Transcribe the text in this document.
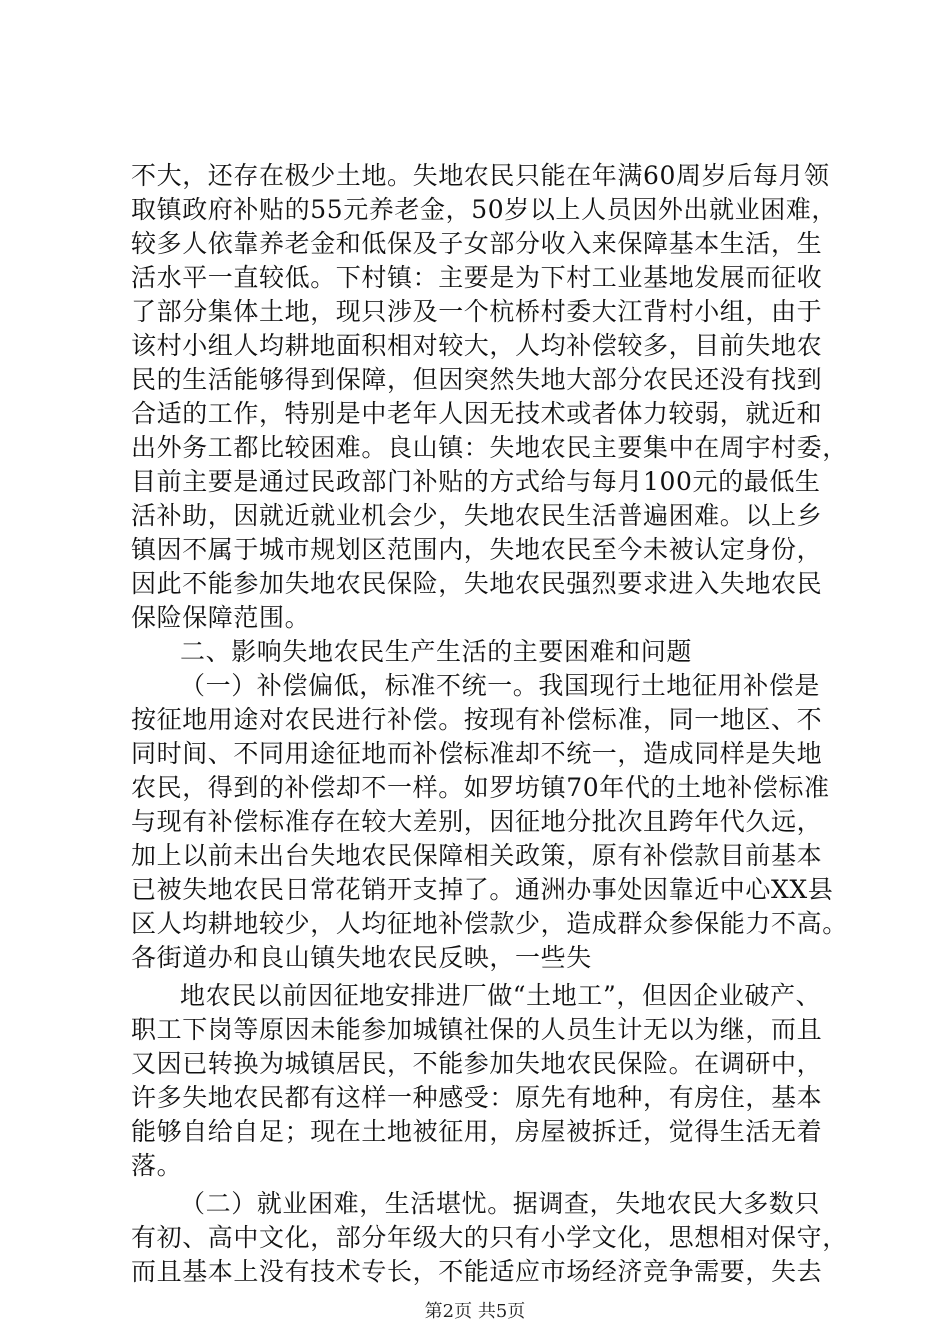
不大，还存在极少土地。失地农民只能在年满60周岁后每月领
取镇政府补贴的55元养老金，50岁以上人员因外出就业困难，
较多人依靠养老金和低保及子女部分收入来保障基本生活，生
活水平一直较低。下村镇：主要是为下村工业基地发展而征收
了部分集体土地，现只涉及一个杭桥村委大江背村小组，由于
该村小组人均耕地面积相对较大，人均补偿较多，目前失地农
民的生活能够得到保障，但因突然失地大部分农民还没有找到
合适的工作，特别是中老年人因无技术或者体力较弱，就近和
出外务工都比较困难。良山镇：失地农民主要集中在周宇村委，
目前主要是通过民政部门补贴的方式给与每月100元的最低生
活补助，因就近就业机会少，失地农民生活普遍困难。以上乡
镇因不属于城市规划区范围内，失地农民至今未被认定身份，
因此不能参加失地农民保险，失地农民强烈要求进入失地农民
保险保障范围。
二、影响失地农民生产生活的主要困难和问题
（一）补偿偏低，标准不统一。我国现行土地征用补偿是
按征地用途对农民进行补偿。按现有补偿标准，同一地区、不
同时间、不同用途征地而补偿标准却不统一，造成同样是失地
农民，得到的补偿却不一样。如罗坊镇70年代的土地补偿标准
与现有补偿标准存在较大差别，因征地分批次且跨年代久远，
加上以前未出台失地农民保障相关政策，原有补偿款目前基本
已被失地农民日常花销开支掉了。通洲办事处因靠近中心XX县
区人均耕地较少，人均征地补偿款少，造成群众参保能力不高。
各街道办和良山镇失地农民反映，一些失
地农民以前因征地安排进厂做“土地工”，但因企业破产、
职工下岗等原因未能参加城镇社保的人员生计无以为继，而且
又因已转换为城镇居民，不能参加失地农民保险。在调研中，
许多失地农民都有这样一种感受：原先有地种，有房住，基本
能够自给自足；现在土地被征用，房屋被拆迁，觉得生活无着
落。
（二）就业困难，生活堪忧。据调查，失地农民大多数只
有初、高中文化，部分年级大的只有小学文化，思想相对保守，
而且基本上没有技术专长，不能适应市场经济竞争需要，失去
第2页 共5页
